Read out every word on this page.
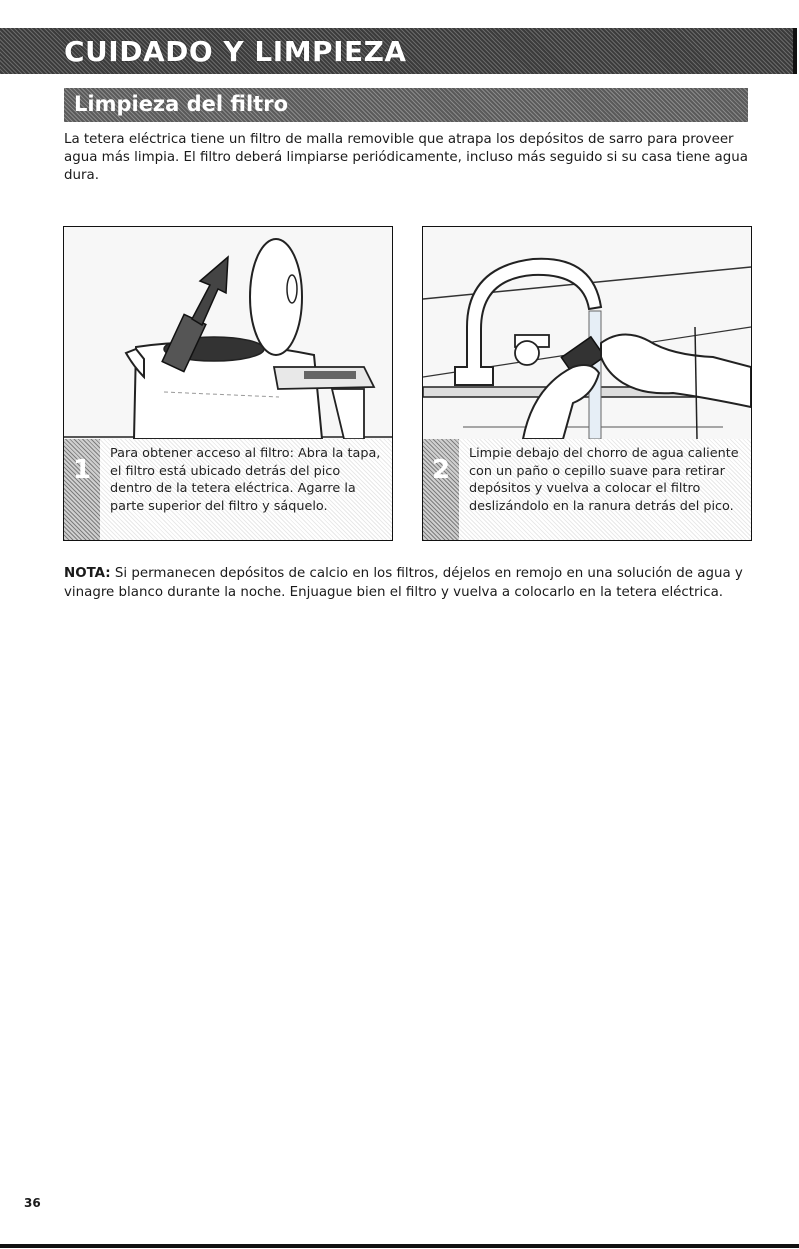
CUIDADO Y LIMPIEZA
Limpieza del filtro

La tetera eléctrica tiene un filtro de malla removible que atrapa los depósitos de sarro para proveer agua más limpia. El filtro deberá limpiarse periódicamente, incluso más seguido si su casa tiene agua dura.

1

Para obtener acceso al filtro: Abra la tapa, el filtro está ubicado detrás del pico dentro de la tetera eléctrica. Agarre la parte superior del filtro y sáquelo.

2

Limpie debajo del chorro de agua caliente con un paño o cepillo suave para retirar depósitos y vuelva a colocar el filtro deslizándolo en la ranura detrás del pico.

NOTA: Si permanecen depósitos de calcio en los filtros, déjelos en remojo en una solución de agua y vinagre blanco durante la noche. Enjuague bien el filtro y vuelva a colocarlo en la tetera eléctrica.

36
